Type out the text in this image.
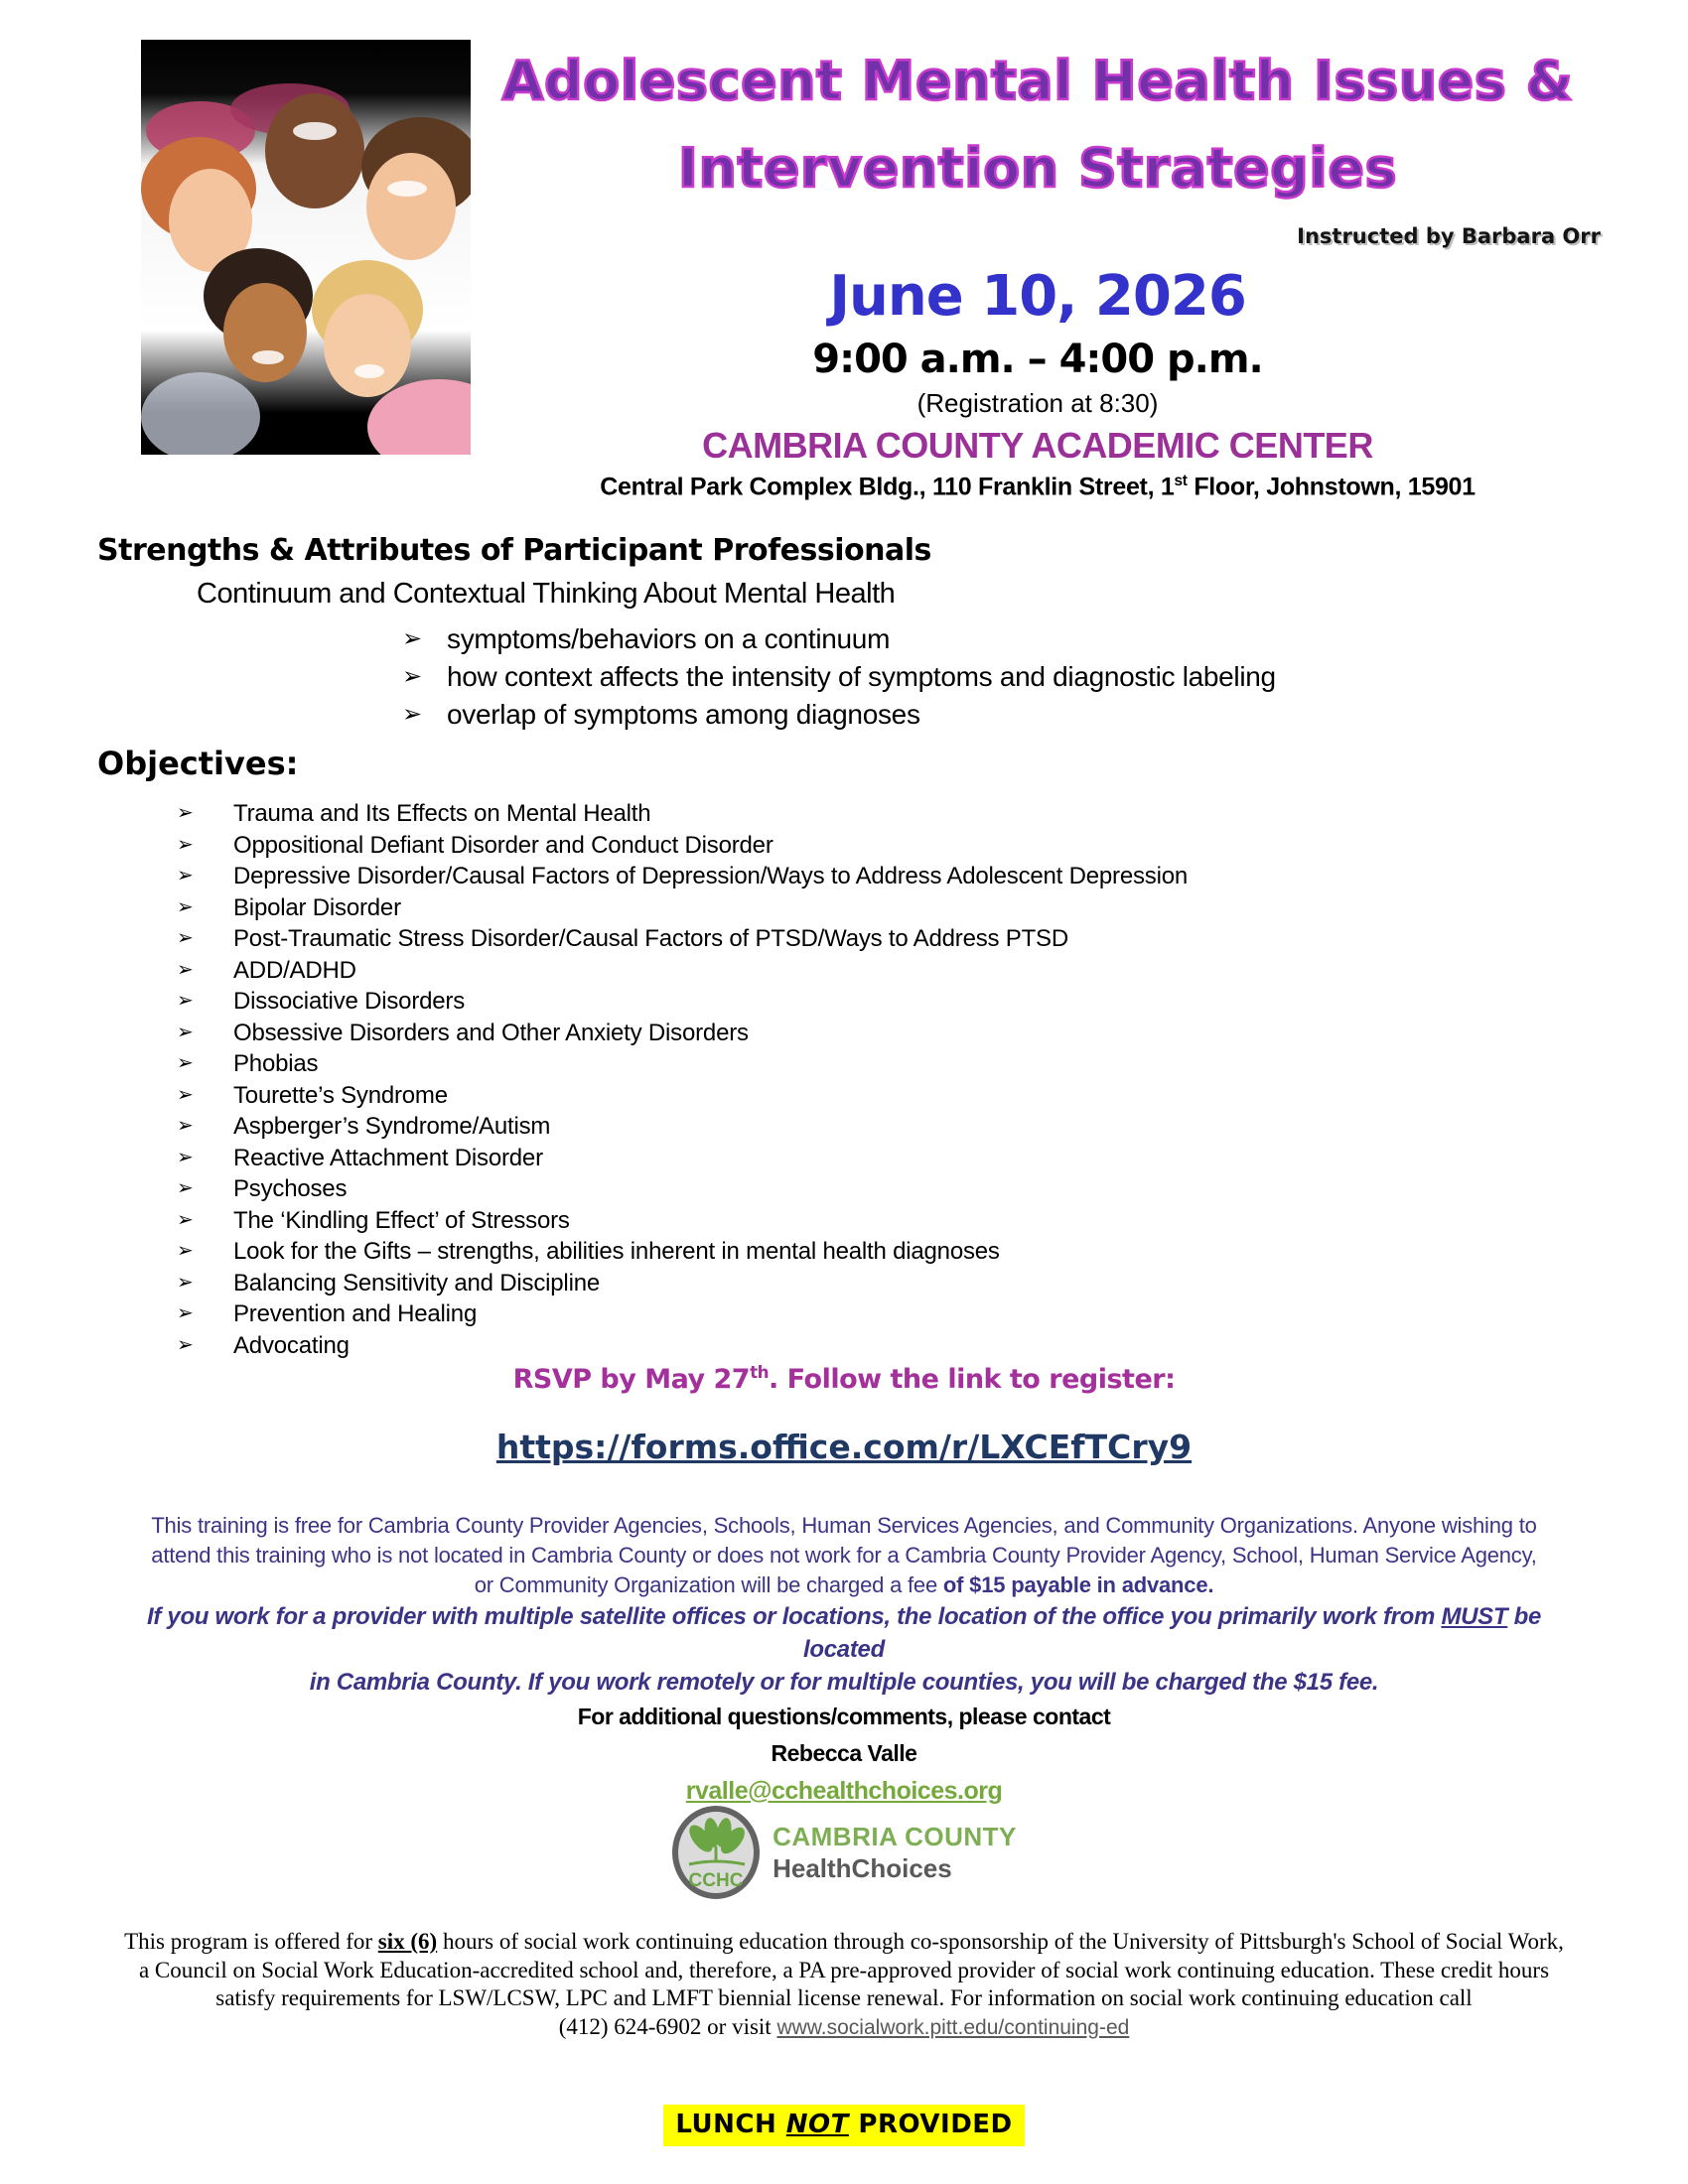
Adolescent Mental Health Issues &
Intervention Strategies
Instructed by Barbara Orr
June 10, 2026
9:00 a.m. – 4:00 p.m.
(Registration at 8:30)
CAMBRIA COUNTY ACADEMIC CENTER
Central Park Complex Bldg., 110 Franklin Street, 1st Floor, Johnstown, 15901
Strengths & Attributes of Participant Professionals
Continuum and Contextual Thinking About Mental Health
➢ symptoms/behaviors on a continuum
➢ how context affects the intensity of symptoms and diagnostic labeling
➢ overlap of symptoms among diagnoses
Objectives:
➢	Trauma and Its Effects on Mental Health
➢	Oppositional Defiant Disorder and Conduct Disorder
➢	Depressive Disorder/Causal Factors of Depression/Ways to Address Adolescent Depression
➢	Bipolar Disorder
➢	Post-Traumatic Stress Disorder/Causal Factors of PTSD/Ways to Address PTSD
➢	ADD/ADHD
➢	Dissociative Disorders
➢	Obsessive Disorders and Other Anxiety Disorders
➢	Phobias
➢	Tourette’s Syndrome
➢	Aspberger’s Syndrome/Autism
➢	Reactive Attachment Disorder
➢	Psychoses
➢	The ‘Kindling Effect’ of Stressors
➢	Look for the Gifts – strengths, abilities inherent in mental health diagnoses
➢	Balancing Sensitivity and Discipline
➢	Prevention and Healing
➢	Advocating
RSVP by May 27th. Follow the link to register:
https://forms.office.com/r/LXCEfTCry9
This training is free for Cambria County Provider Agencies, Schools, Human Services Agencies, and Community Organizations. Anyone wishing to
attend this training who is not located in Cambria County or does not work for a Cambria County Provider Agency, School, Human Service Agency,
or Community Organization will be charged a fee of $15 payable in advance.
If you work for a provider with multiple satellite offices or locations, the location of the office you primarily work from MUST be located
in Cambria County. If you work remotely or for multiple counties, you will be charged the $15 fee.
For additional questions/comments, please contact
Rebecca Valle
rvalle@cchealthchoices.org
CCHC
CAMBRIA COUNTY
HealthChoices
This program is offered for six (6) hours of social work continuing education through co-sponsorship of the University of Pittsburgh's School of Social Work,
a Council on Social Work Education-accredited school and, therefore, a PA pre-approved provider of social work continuing education. These credit hours
satisfy requirements for LSW/LCSW, LPC and LMFT biennial license renewal. For information on social work continuing education call
(412) 624-6902 or visit www.socialwork.pitt.edu/continuing-ed
LUNCH NOT PROVIDED
